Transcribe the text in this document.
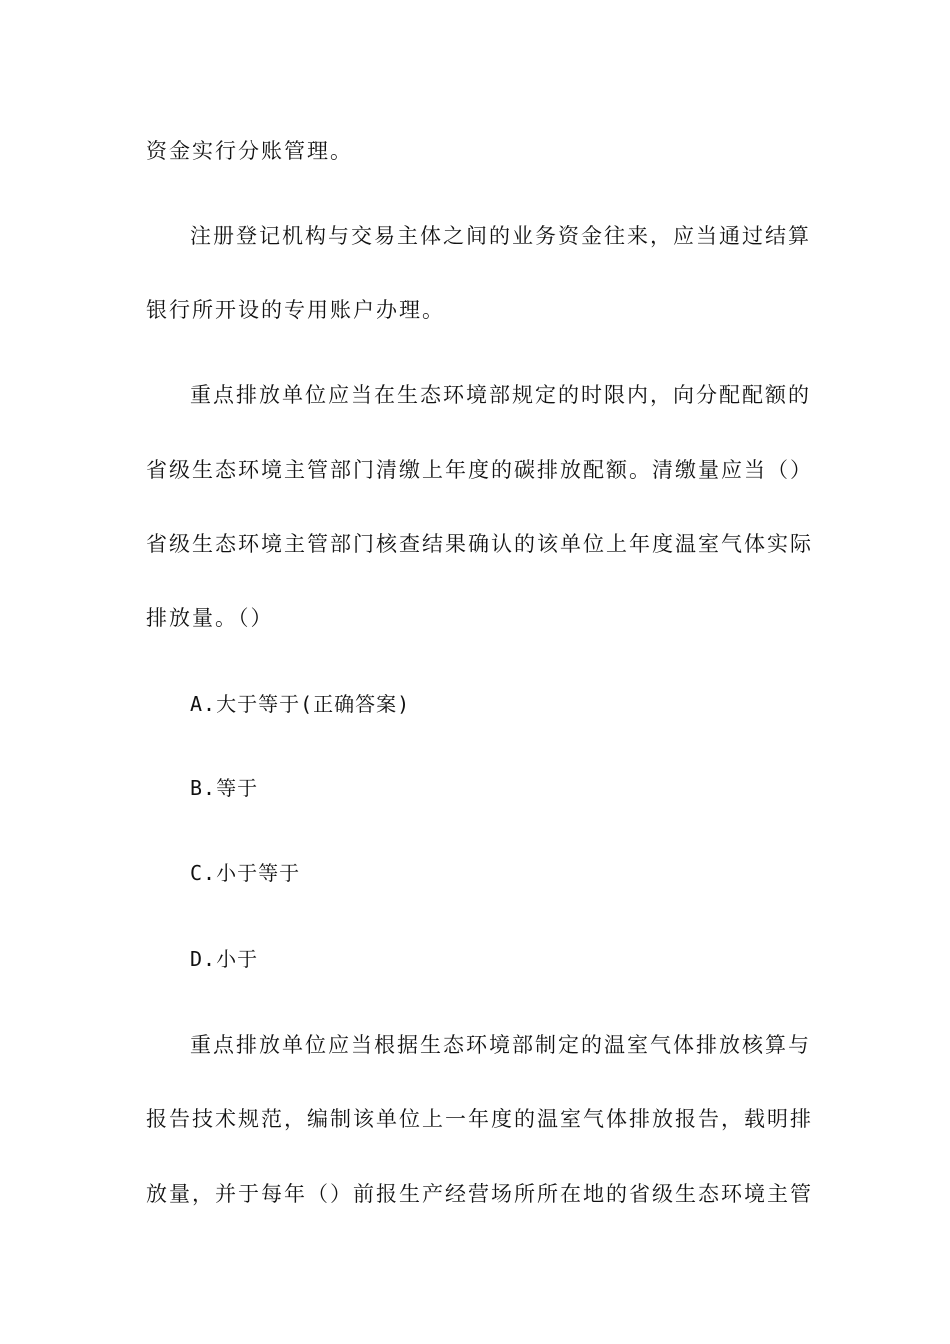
资金实行分账管理。
注册登记机构与交易主体之间的业务资金往来，应当通过结算
银行所开设的专用账户办理。
重点排放单位应当在生态环境部规定的时限内，向分配配额的
省级生态环境主管部门清缴上年度的碳排放配额。清缴量应当（）
省级生态环境主管部门核查结果确认的该单位上年度温室气体实际
排放量。（）
A.大于等于(正确答案)
B.等于
C.小于等于
D.小于
重点排放单位应当根据生态环境部制定的温室气体排放核算与
报告技术规范，编制该单位上一年度的温室气体排放报告，载明排
放量，并于每年（）前报生产经营场所所在地的省级生态环境主管
